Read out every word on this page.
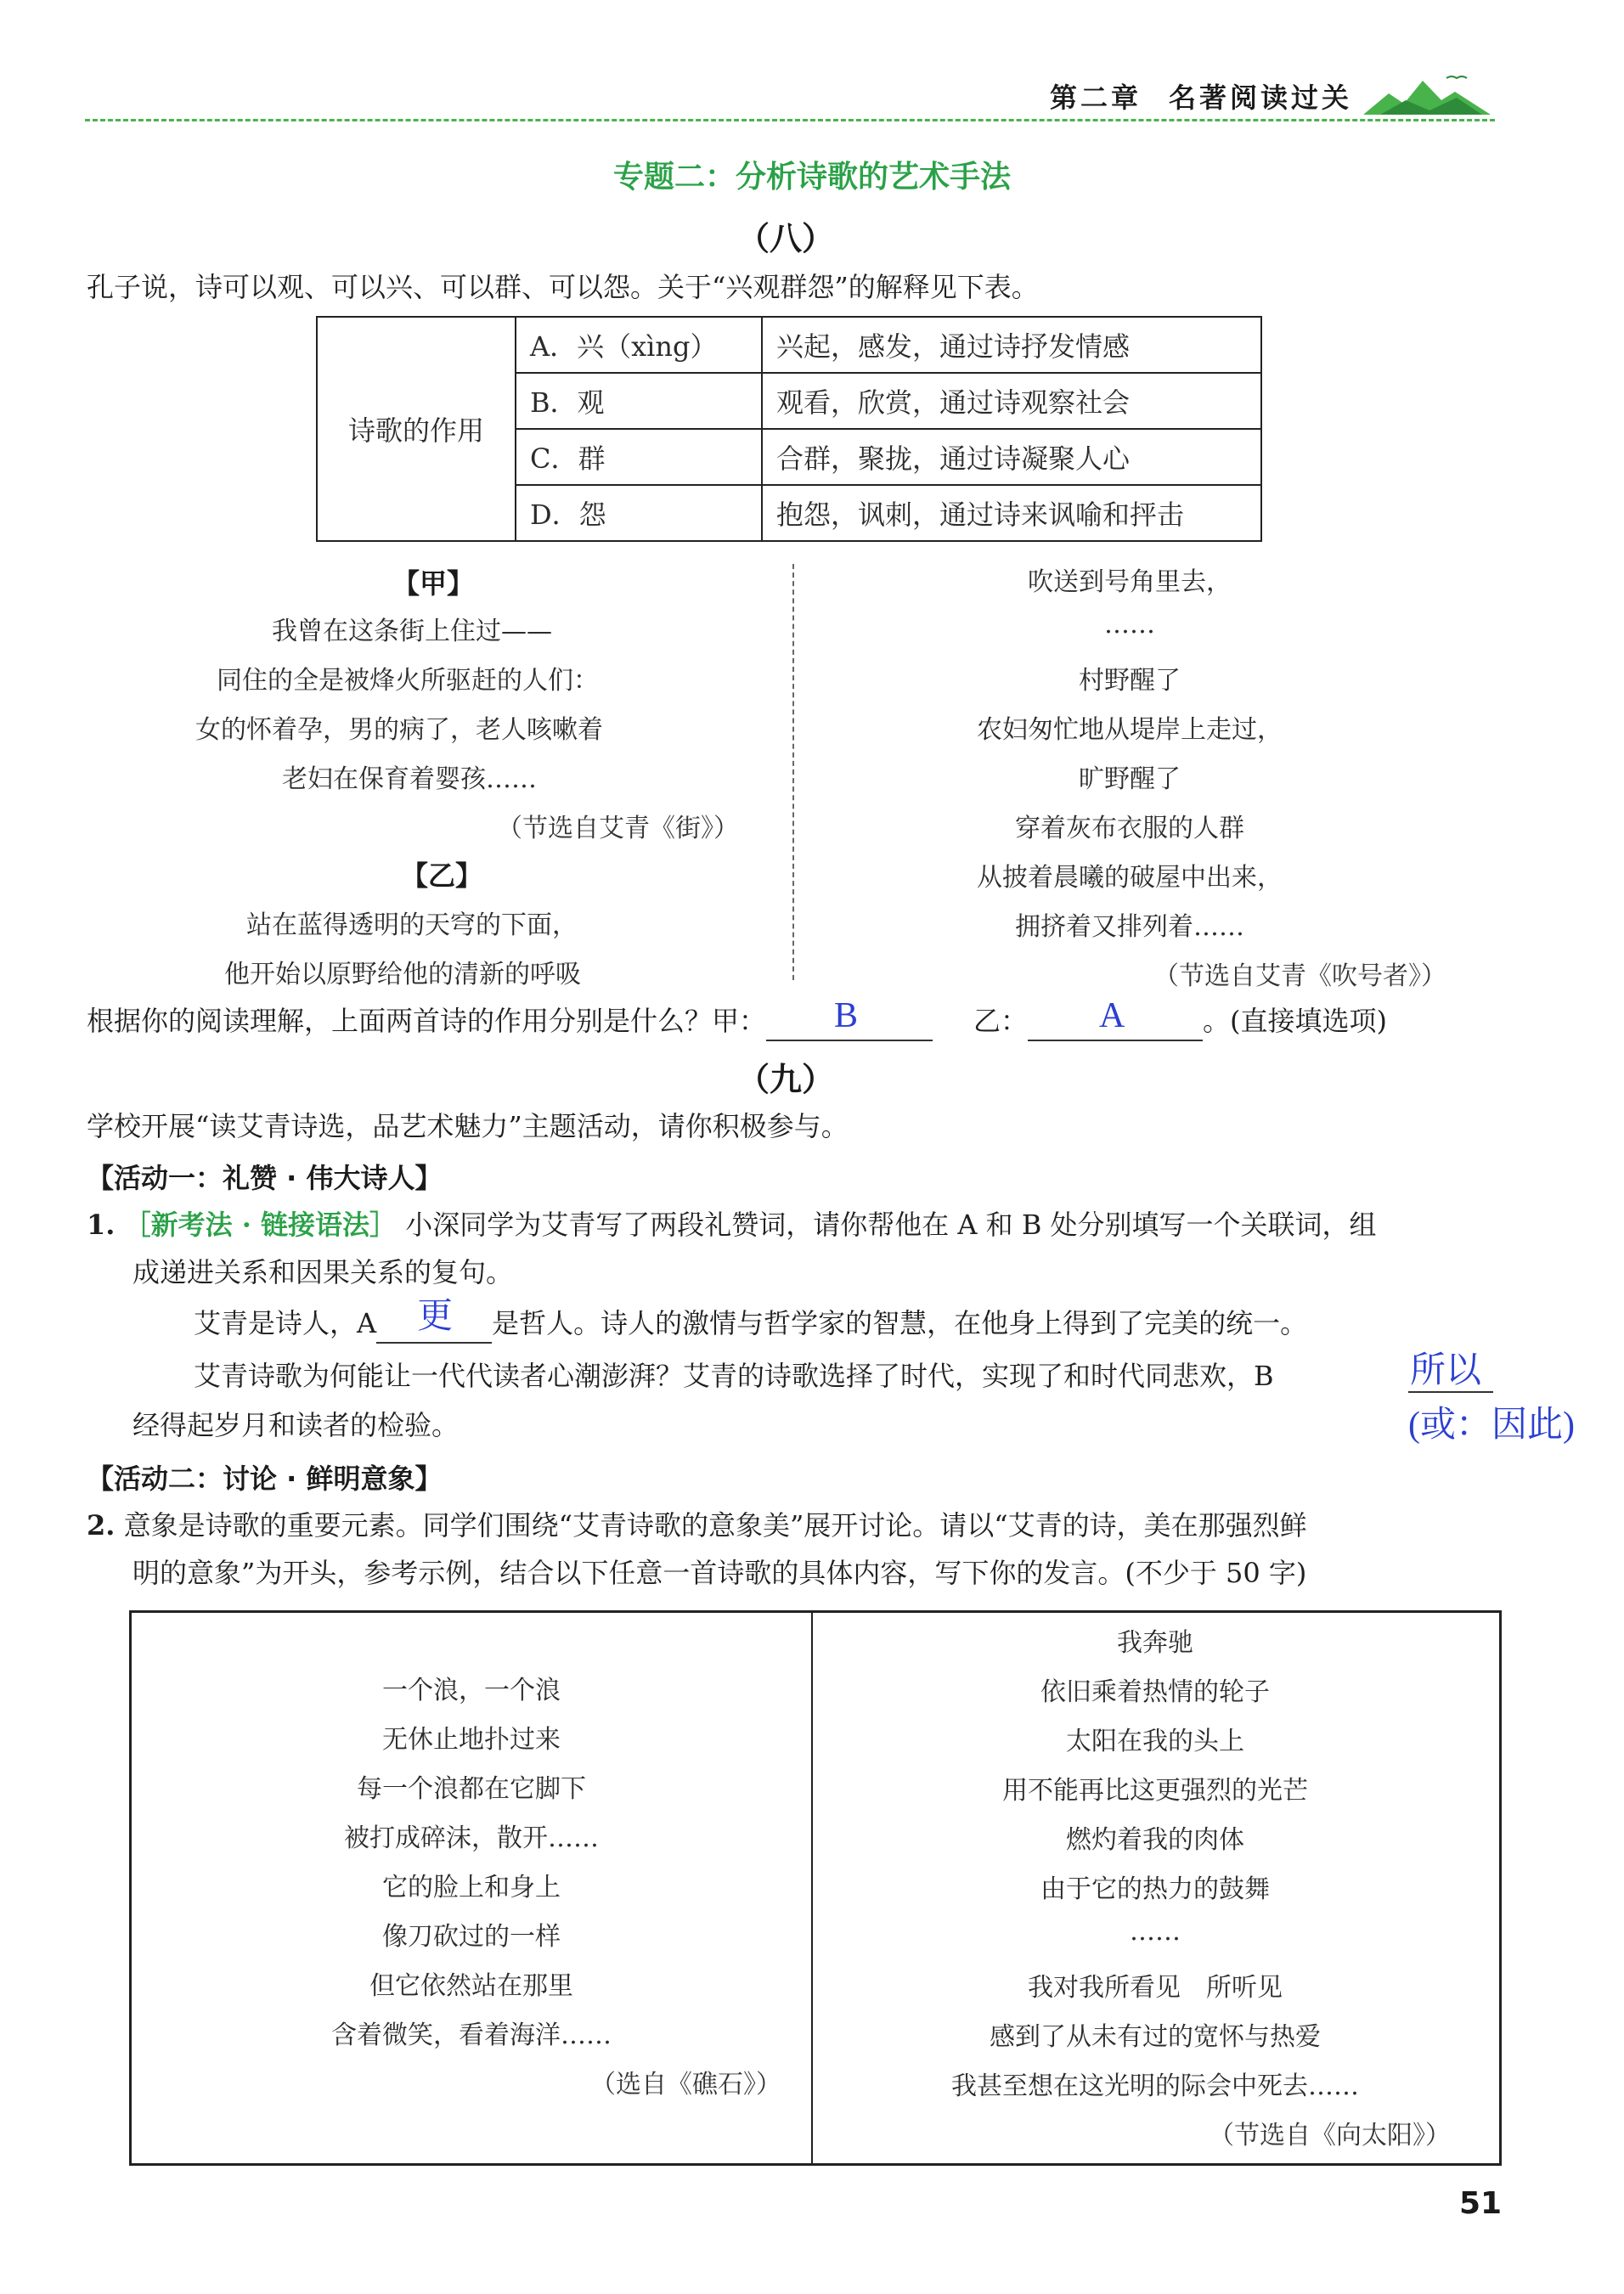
第二章 名著阅读过关
专题二：分析诗歌的艺术手法
（八）
孔子说，诗可以观、可以兴、可以群、可以怨。关于“兴观群怨”的解释见下表。
诗歌的作用	A．兴（xìng）	兴起，感发，通过诗抒发情感
	B．观	观看，欣赏，通过诗观察社会
	C．群	合群，聚拢，通过诗凝聚人心
	D．怨	抱怨，讽刺，通过诗来讽喻和抨击
【甲】
我曾在这条街上住过——
同住的全是被烽火所驱赶的人们：
女的怀着孕，男的病了，老人咳嗽着
老妇在保育着婴孩……
（节选自艾青《街》）
【乙】
站在蓝得透明的天穹的下面，
他开始以原野给他的清新的呼吸
吹送到号角里去，
……
村野醒了
农妇匆忙地从堤岸上走过，
旷野醒了
穿着灰布衣服的人群
从披着晨曦的破屋中出来，
拥挤着又排列着……
（节选自艾青《吹号者》）
根据你的阅读理解，上面两首诗的作用分别是什么？甲： B	乙： A	。(直接填选项)
（九）
学校开展“读艾青诗选，品艺术魅力”主题活动，请你积极参与。
【活动一：礼赞 · 伟大诗人】
1. ［新考法 · 链接语法］ 小深同学为艾青写了两段礼赞词，请你帮他在 A 和 B 处分别填写一个关联词，组
成递进关系和因果关系的复句。
艾青是诗人，A 更 是哲人。诗人的激情与哲学家的智慧，在他身上得到了完美的统一。
艾青诗歌为何能让一代代读者心潮澎湃？艾青的诗歌选择了时代，实现了和时代同悲欢，B	所以
(或：因此)
经得起岁月和读者的检验。
【活动二：讨论 · 鲜明意象】
2. 意象是诗歌的重要元素。同学们围绕“艾青诗歌的意象美”展开讨论。请以“艾青的诗，美在那强烈鲜
明的意象”为开头，参考示例，结合以下任意一首诗歌的具体内容，写下你的发言。(不少于 50 字)
一个浪，一个浪
无休止地扑过来
每一个浪都在它脚下
被打成碎沫，散开……
它的脸上和身上
像刀砍过的一样
但它依然站在那里
含着微笑，看着海洋……
（选自《礁石》）
我奔驰
依旧乘着热情的轮子
太阳在我的头上
用不能再比这更强烈的光芒
燃灼着我的肉体
由于它的热力的鼓舞
……
我对我所看见　所听见
感到了从未有过的宽怀与热爱
我甚至想在这光明的际会中死去……
（节选自《向太阳》）
51
